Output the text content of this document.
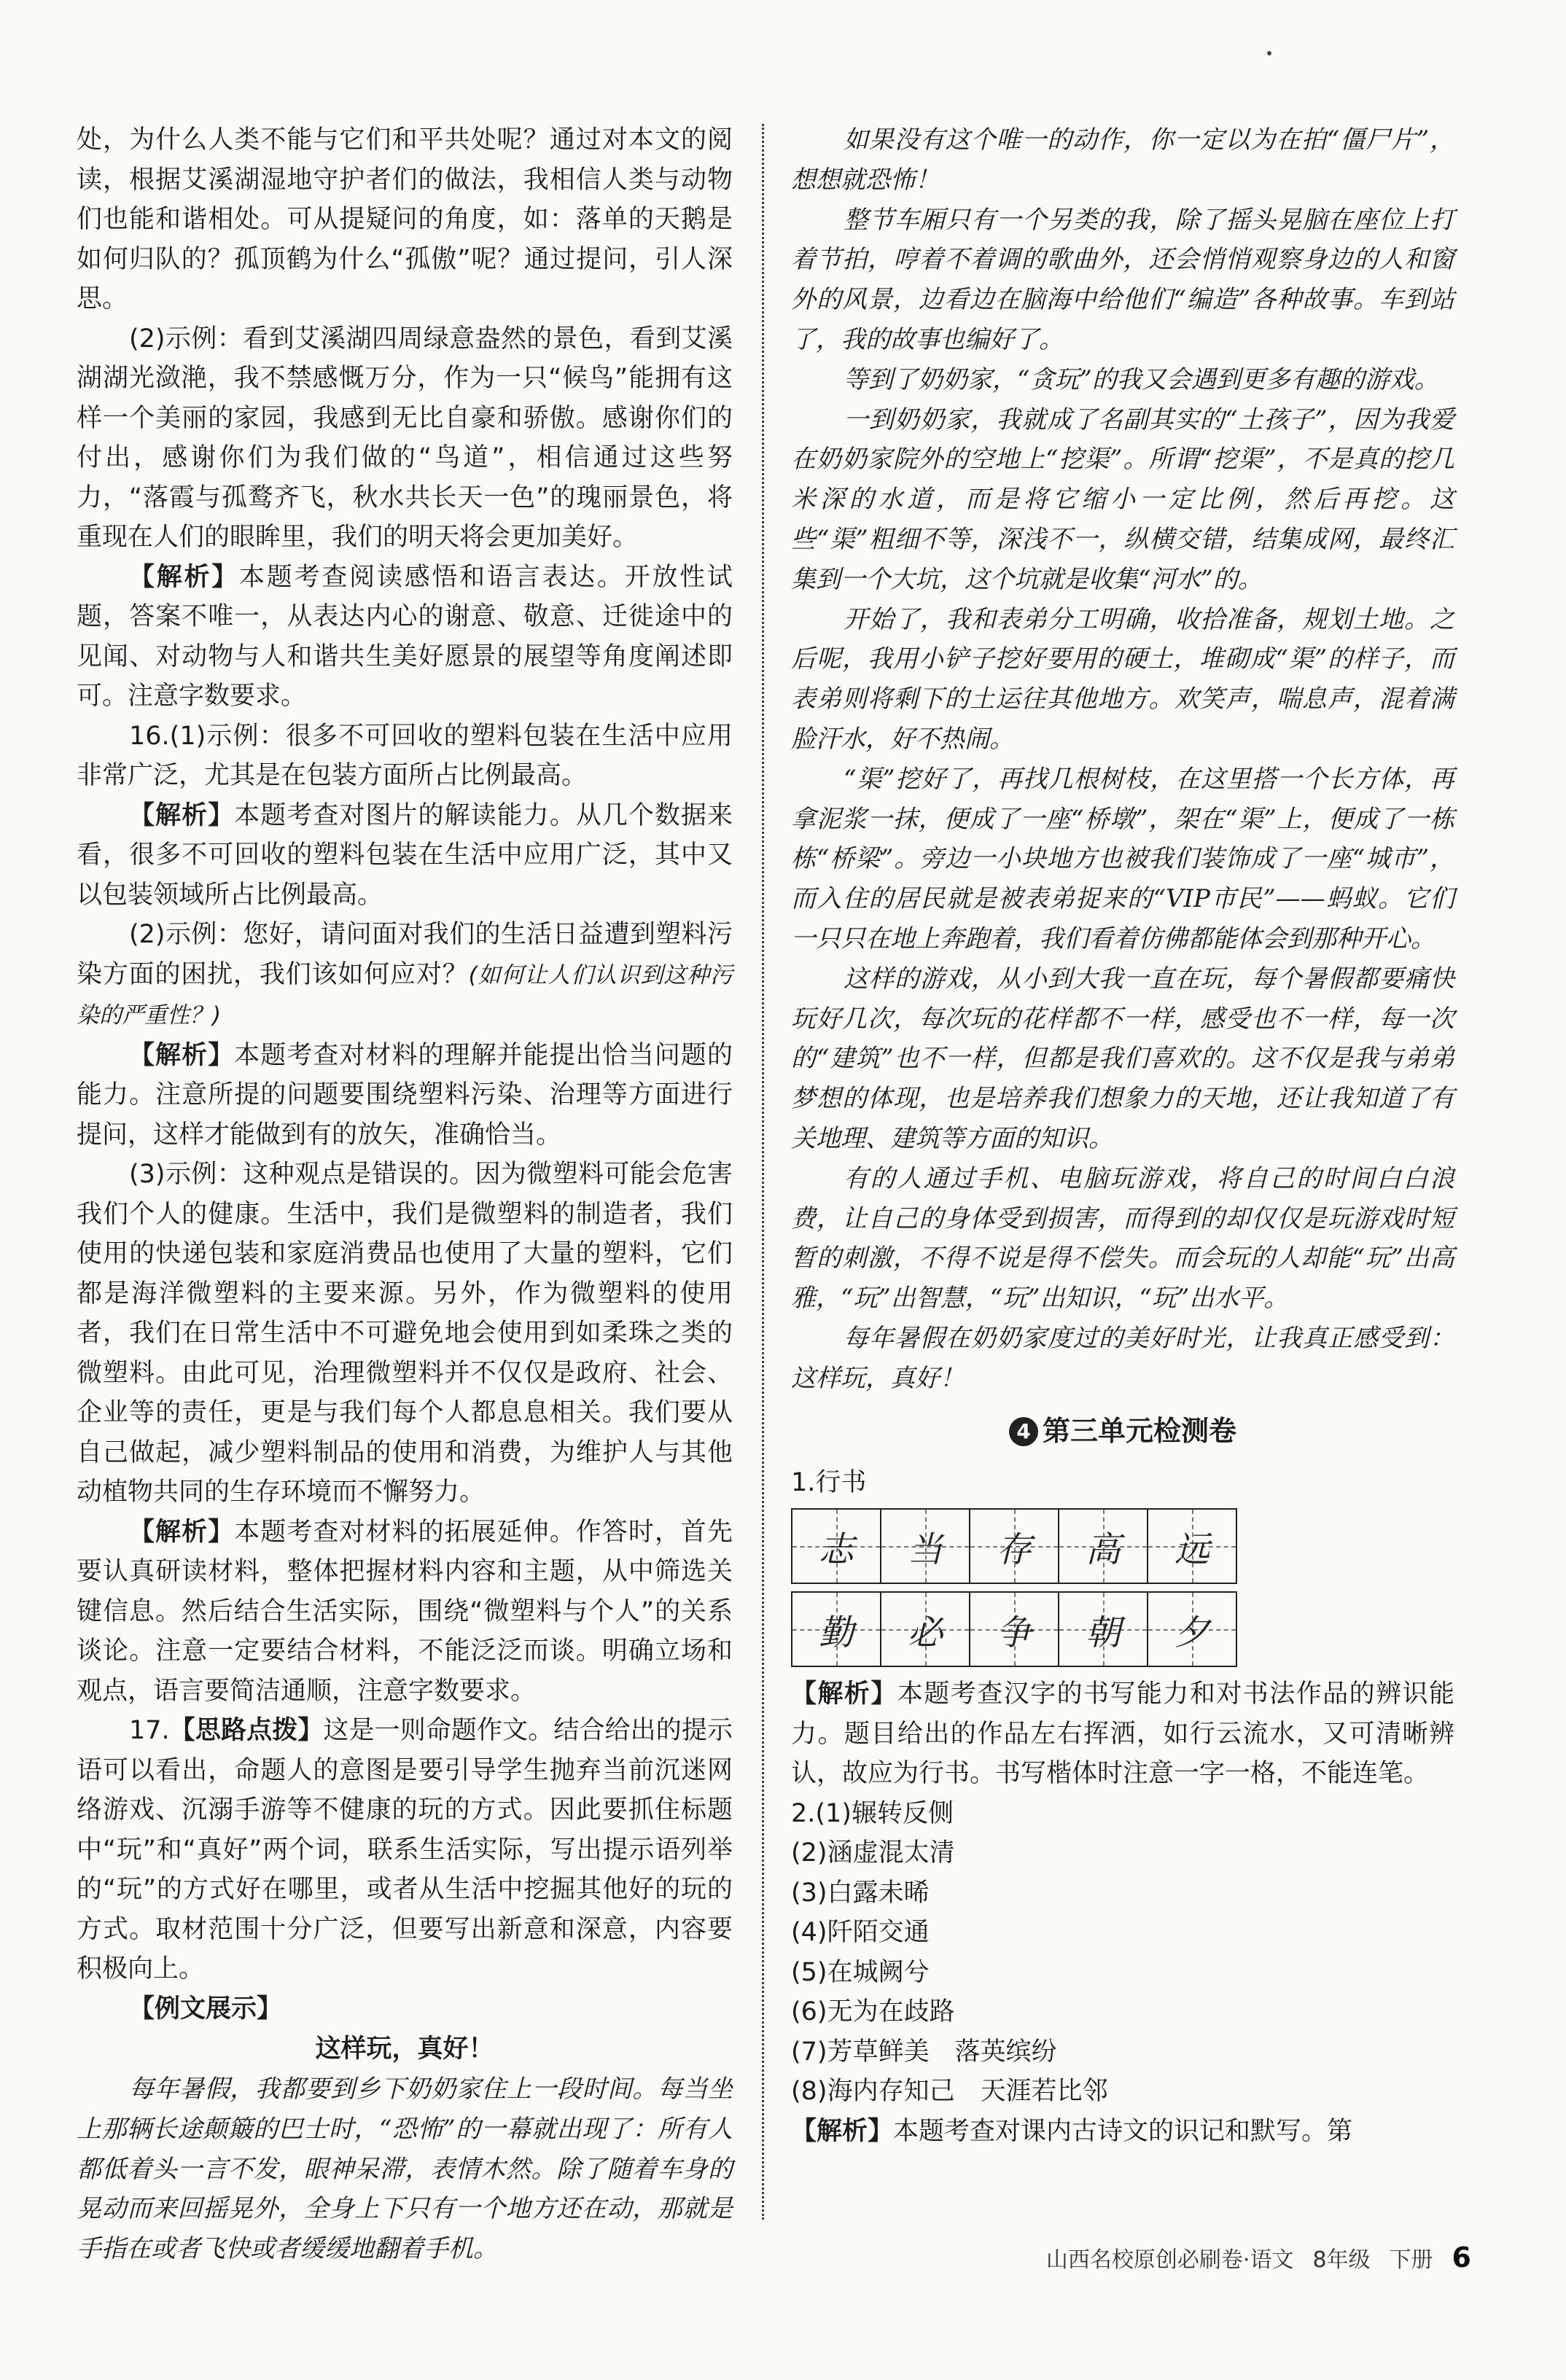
处，为什么人类不能与它们和平共处呢？通过对本文的阅读，根据艾溪湖湿地守护者们的做法，我相信人类与动物们也能和谐相处。可从提疑问的角度，如：落单的天鹅是如何归队的？孤顶鹤为什么“孤傲”呢？通过提问，引人深思。

(2)示例：看到艾溪湖四周绿意盎然的景色，看到艾溪湖湖光潋滟，我不禁感慨万分，作为一只“候鸟”能拥有这样一个美丽的家园，我感到无比自豪和骄傲。感谢你们的付出，感谢你们为我们做的“鸟道”，相信通过这些努力，“落霞与孤鹜齐飞，秋水共长天一色”的瑰丽景色，将重现在人们的眼眸里，我们的明天将会更加美好。

【解析】本题考查阅读感悟和语言表达。开放性试题，答案不唯一，从表达内心的谢意、敬意、迁徙途中的见闻、对动物与人和谐共生美好愿景的展望等角度阐述即可。注意字数要求。

16.(1)示例：很多不可回收的塑料包装在生活中应用非常广泛，尤其是在包装方面所占比例最高。

【解析】本题考查对图片的解读能力。从几个数据来看，很多不可回收的塑料包装在生活中应用广泛，其中又以包装领域所占比例最高。

(2)示例：您好，请问面对我们的生活日益遭到塑料污染方面的困扰，我们该如何应对？(如何让人们认识到这种污染的严重性？)

【解析】本题考查对材料的理解并能提出恰当问题的能力。注意所提的问题要围绕塑料污染、治理等方面进行提问，这样才能做到有的放矢，准确恰当。

(3)示例：这种观点是错误的。因为微塑料可能会危害我们个人的健康。生活中，我们是微塑料的制造者，我们使用的快递包装和家庭消费品也使用了大量的塑料，它们都是海洋微塑料的主要来源。另外，作为微塑料的使用者，我们在日常生活中不可避免地会使用到如柔珠之类的微塑料。由此可见，治理微塑料并不仅仅是政府、社会、企业等的责任，更是与我们每个人都息息相关。我们要从自己做起，减少塑料制品的使用和消费，为维护人与其他动植物共同的生存环境而不懈努力。

【解析】本题考查对材料的拓展延伸。作答时，首先要认真研读材料，整体把握材料内容和主题，从中筛选关键信息。然后结合生活实际，围绕“微塑料与个人”的关系谈论。注意一定要结合材料，不能泛泛而谈。明确立场和观点，语言要简洁通顺，注意字数要求。

17.【思路点拨】这是一则命题作文。结合给出的提示语可以看出，命题人的意图是要引导学生抛弃当前沉迷网络游戏、沉溺手游等不健康的玩的方式。因此要抓住标题中“玩”和“真好”两个词，联系生活实际，写出提示语列举的“玩”的方式好在哪里，或者从生活中挖掘其他好的玩的方式。取材范围十分广泛，但要写出新意和深意，内容要积极向上。

【例文展示】

这样玩，真好！

每年暑假，我都要到乡下奶奶家住上一段时间。每当坐上那辆长途颠簸的巴士时，“恐怖”的一幕就出现了：所有人都低着头一言不发，眼神呆滞，表情木然。除了随着车身的晃动而来回摇晃外，全身上下只有一个地方还在动，那就是手指在或者飞快或者缓缓地翻着手机。

如果没有这个唯一的动作，你一定以为在拍“僵尸片”，想想就恐怖！

整节车厢只有一个另类的我，除了摇头晃脑在座位上打着节拍，哼着不着调的歌曲外，还会悄悄观察身边的人和窗外的风景，边看边在脑海中给他们“编造”各种故事。车到站了，我的故事也编好了。

等到了奶奶家，“贪玩”的我又会遇到更多有趣的游戏。

一到奶奶家，我就成了名副其实的“土孩子”，因为我爱在奶奶家院外的空地上“挖渠”。所谓“挖渠”，不是真的挖几米深的水道，而是将它缩小一定比例，然后再挖。这些“渠”粗细不等，深浅不一，纵横交错，结集成网，最终汇集到一个大坑，这个坑就是收集“河水”的。

开始了，我和表弟分工明确，收拾准备，规划土地。之后呢，我用小铲子挖好要用的硬土，堆砌成“渠”的样子，而表弟则将剩下的土运往其他地方。欢笑声，喘息声，混着满脸汗水，好不热闹。

“渠”挖好了，再找几根树枝，在这里搭一个长方体，再拿泥浆一抹，便成了一座“桥墩”，架在“渠”上，便成了一栋栋“桥梁”。旁边一小块地方也被我们装饰成了一座“城市”，而入住的居民就是被表弟捉来的“VIP市民”——蚂蚁。它们一只只在地上奔跑着，我们看着仿佛都能体会到那种开心。

这样的游戏，从小到大我一直在玩，每个暑假都要痛快玩好几次，每次玩的花样都不一样，感受也不一样，每一次的“建筑”也不一样，但都是我们喜欢的。这不仅是我与弟弟梦想的体现，也是培养我们想象力的天地，还让我知道了有关地理、建筑等方面的知识。

有的人通过手机、电脑玩游戏，将自己的时间白白浪费，让自己的身体受到损害，而得到的却仅仅是玩游戏时短暂的刺激，不得不说是得不偿失。而会玩的人却能“玩”出高雅，“玩”出智慧，“玩”出知识，“玩”出水平。

每年暑假在奶奶家度过的美好时光，让我真正感受到：这样玩，真好！

4 第三单元检测卷

1.行书

志 当 存 高 远
勤 必 争 朝 夕

【解析】本题考查汉字的书写能力和对书法作品的辨识能力。题目给出的作品左右挥洒，如行云流水，又可清晰辨认，故应为行书。书写楷体时注意一字一格，不能连笔。

2.(1)辗转反侧

(2)涵虚混太清

(3)白露未晞

(4)阡陌交通

(5)在城阙兮

(6)无为在歧路

(7)芳草鲜美　落英缤纷

(8)海内存知己　天涯若比邻

【解析】本题考查对课内古诗文的识记和默写。第

山西名校原创必刷卷·语文 8年级 下册 6
